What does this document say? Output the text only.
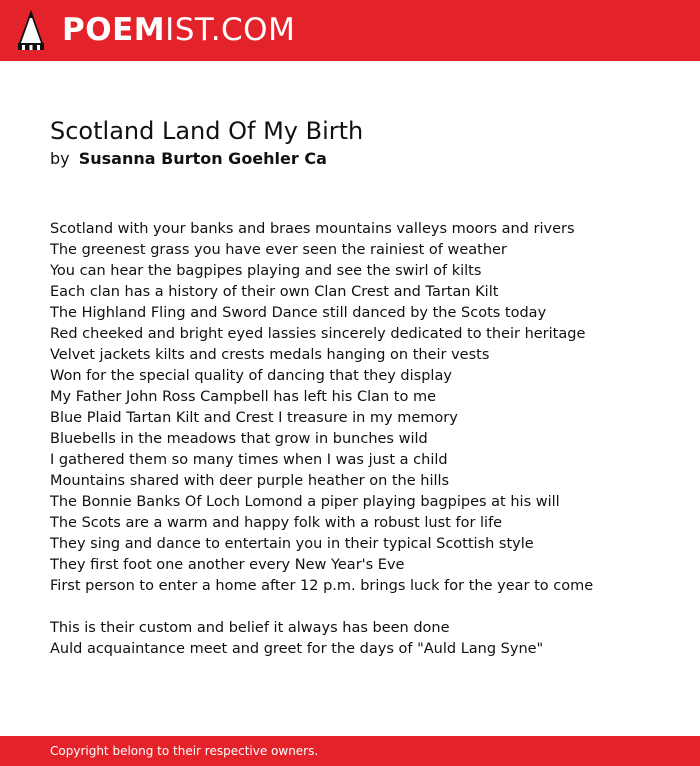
POEMIST.COM
Scotland Land Of My Birth
by Susanna Burton Goehler Ca
Scotland with your banks and braes mountains valleys moors and rivers
The greenest grass you have ever seen the rainiest of weather
You can hear the bagpipes playing and see the swirl of kilts
Each clan has a history of their own Clan Crest and Tartan Kilt
The Highland Fling and Sword Dance still danced by the Scots today
Red cheeked and bright eyed lassies sincerely dedicated to their heritage
Velvet jackets kilts and crests medals hanging on their vests
Won for the special quality of dancing that they display
My Father John Ross Campbell has left his Clan to me
Blue Plaid Tartan Kilt and Crest I treasure in my memory
Bluebells in the meadows that grow in bunches wild
I gathered them so many times when I was just a child
Mountains shared with deer purple heather on the hills
The Bonnie Banks Of Loch Lomond a piper playing bagpipes at his will
The Scots are a warm and happy folk with a robust lust for life
They sing and dance to entertain you in their typical Scottish style
They first foot one another every New Year's Eve
First person to enter a home after 12 p.m. brings luck for the year to come
This is their custom and belief it always has been done
Auld acquaintance meet and greet for the days of "Auld Lang Syne"
Copyright belong to their respective owners.
